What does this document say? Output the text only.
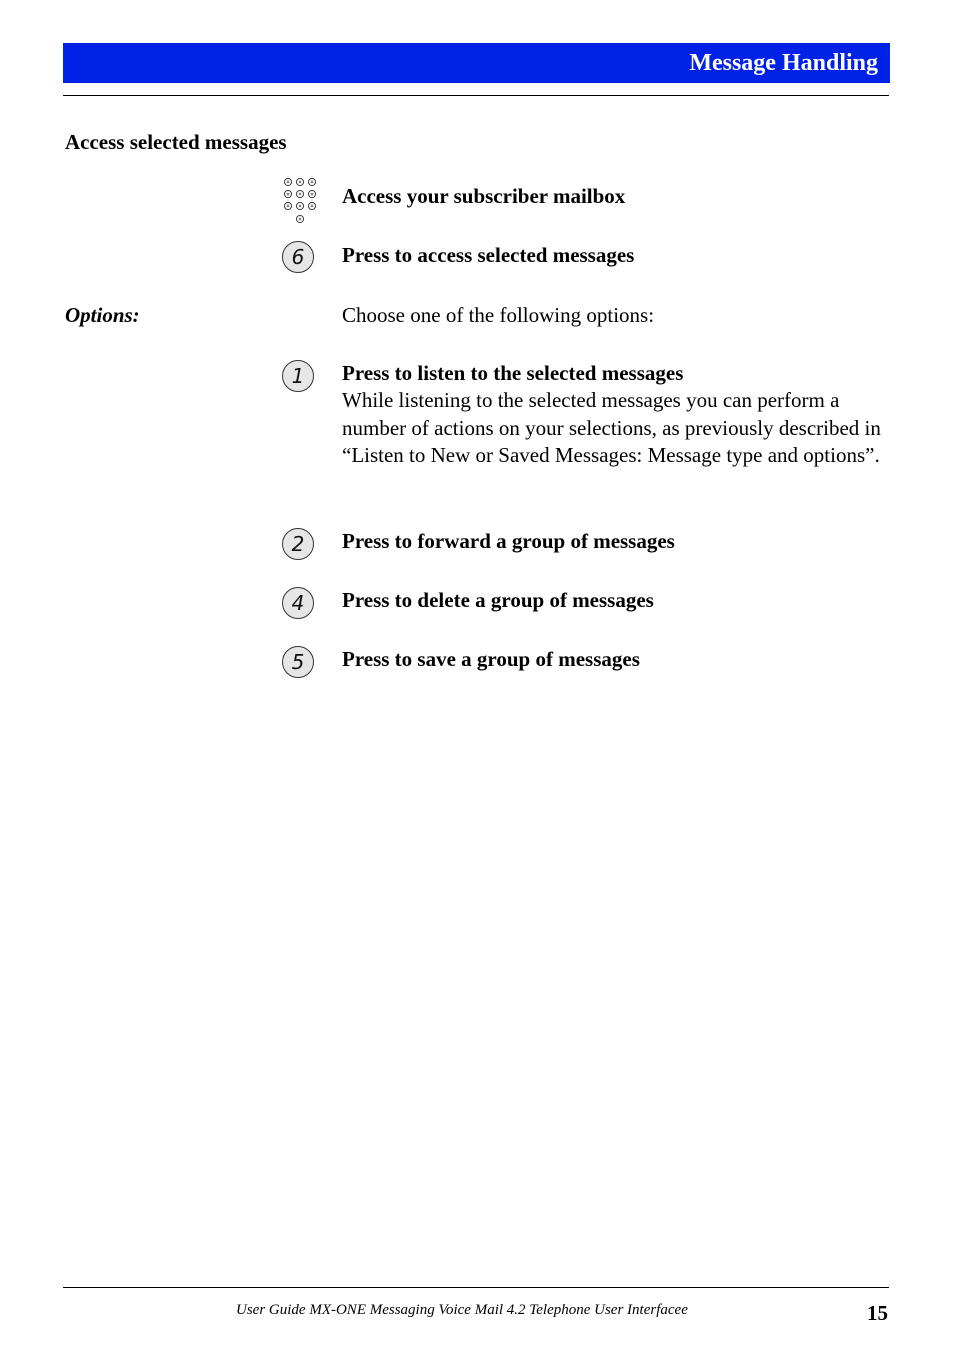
Message Handling
Access selected messages
Access your subscriber mailbox
6 Press to access selected messages
Options:	Choose one of the following options:
1 Press to listen to the selected messages
While listening to the selected messages you can perform a number of actions on your selections, as previously described in “Listen to New or Saved Messages: Message type and options”.
2 Press to forward a group of messages
4 Press to delete a group of messages
5 Press to save a group of messages
User Guide MX-ONE Messaging Voice Mail 4.2 Telephone User Interfacee	15
